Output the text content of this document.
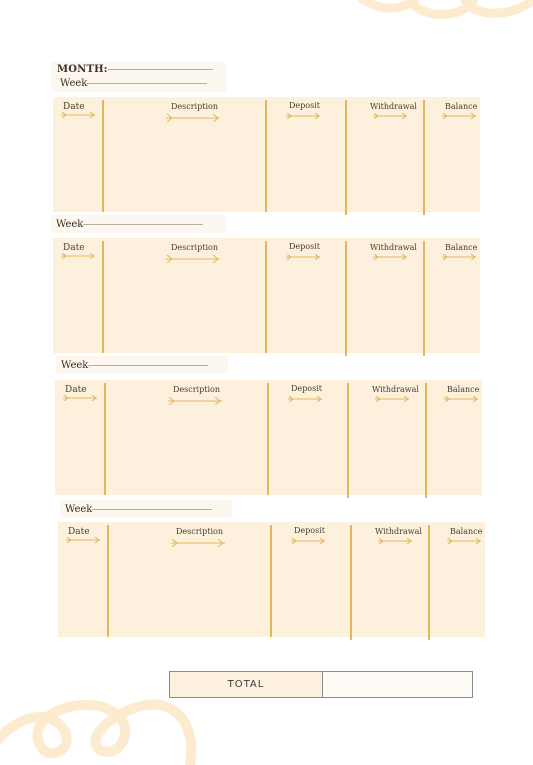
MONTH:
Week
Date	Description	Deposit	Withdrawal	Balance
Week
Date	Description	Deposit	Withdrawal	Balance
Week
Date	Description	Deposit	Withdrawal	Balance
Week
Date	Description	Deposit	Withdrawal	Balance
TOTAL
